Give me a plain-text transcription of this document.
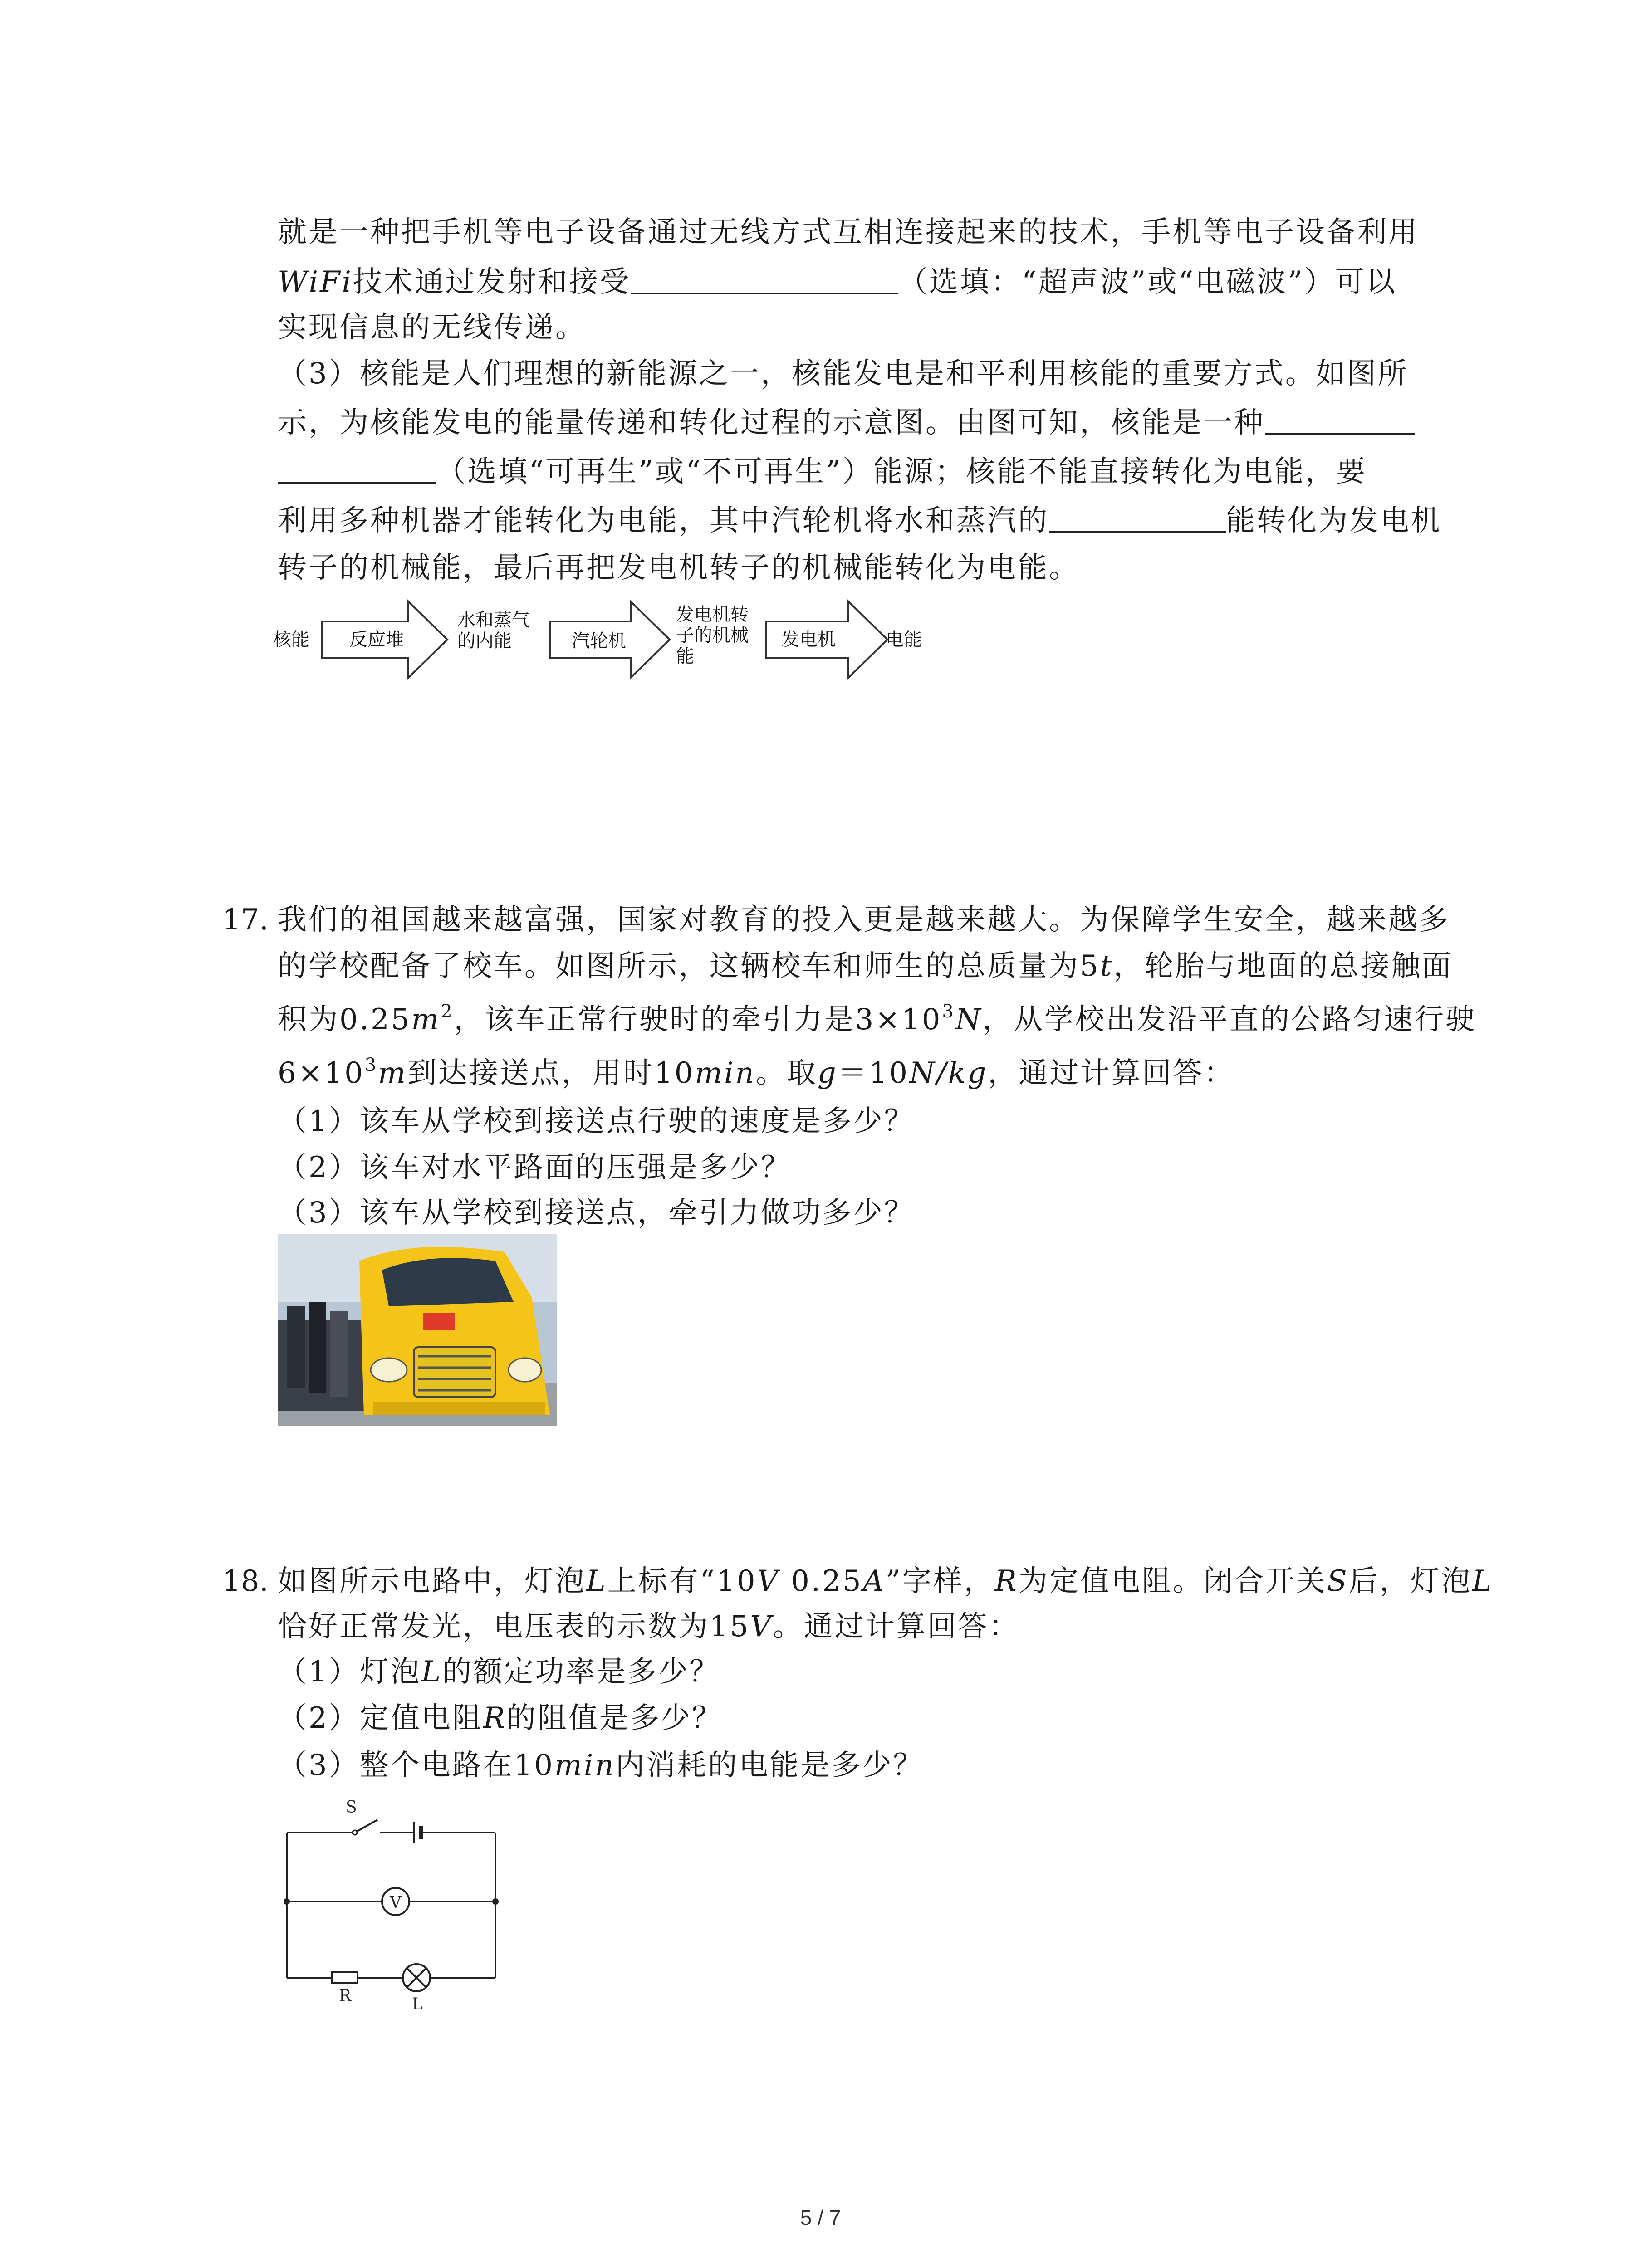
就是一种把手机等电子设备通过无线方式互相连接起来的技术，手机等电子设备利用
WiFi技术通过发射和接受	（选填：“超声波”或“电磁波”）可以
实现信息的无线传递。
（3）核能是人们理想的新能源之一，核能发电是和平利用核能的重要方式。如图所
示，为核能发电的能量传递和转化过程的示意图。由图可知，核能是一种
（选填“可再生”或“不可再生”）能源；核能不能直接转化为电能，要
利用多种机器才能转化为电能，其中汽轮机将水和蒸汽的	能转化为发电机
转子的机械能，最后再把发电机转子的机械能转化为电能。
核能 反应堆
水和蒸气
的内能	汽轮机
发电机转
子的机械
能
发电机	电能
17. 我们的祖国越来越富强，国家对教育的投入更是越来越大。为保障学生安全，越来越多
的学校配备了校车。如图所示，这辆校车和师生的总质量为5t，轮胎与地面的总接触面
积为$0.25m^2$，该车正常行驶时的牵引力是$3\times 10^3N$，从学校出发沿平直的公路匀速行驶
$6\times 10^3m$到达接送点，用时10min。取g＝10N/kg，通过计算回答：
（1）该车从学校到接送点行驶的速度是多少？
（2）该车对水平路面的压强是多少？
（3）该车从学校到接送点，牵引力做功多少？
18. 如图所示电路中，灯泡L上标有“10V 0.25A”字样，R为定值电阻。闭合开关S后，灯泡L
恰好正常发光，电压表的示数为15V。通过计算回答：
（1）灯泡L的额定功率是多少？
（2）定值电阻R的阻值是多少？
（3）整个电路在10min内消耗的电能是多少？
S
V
R	L
5 / 7
